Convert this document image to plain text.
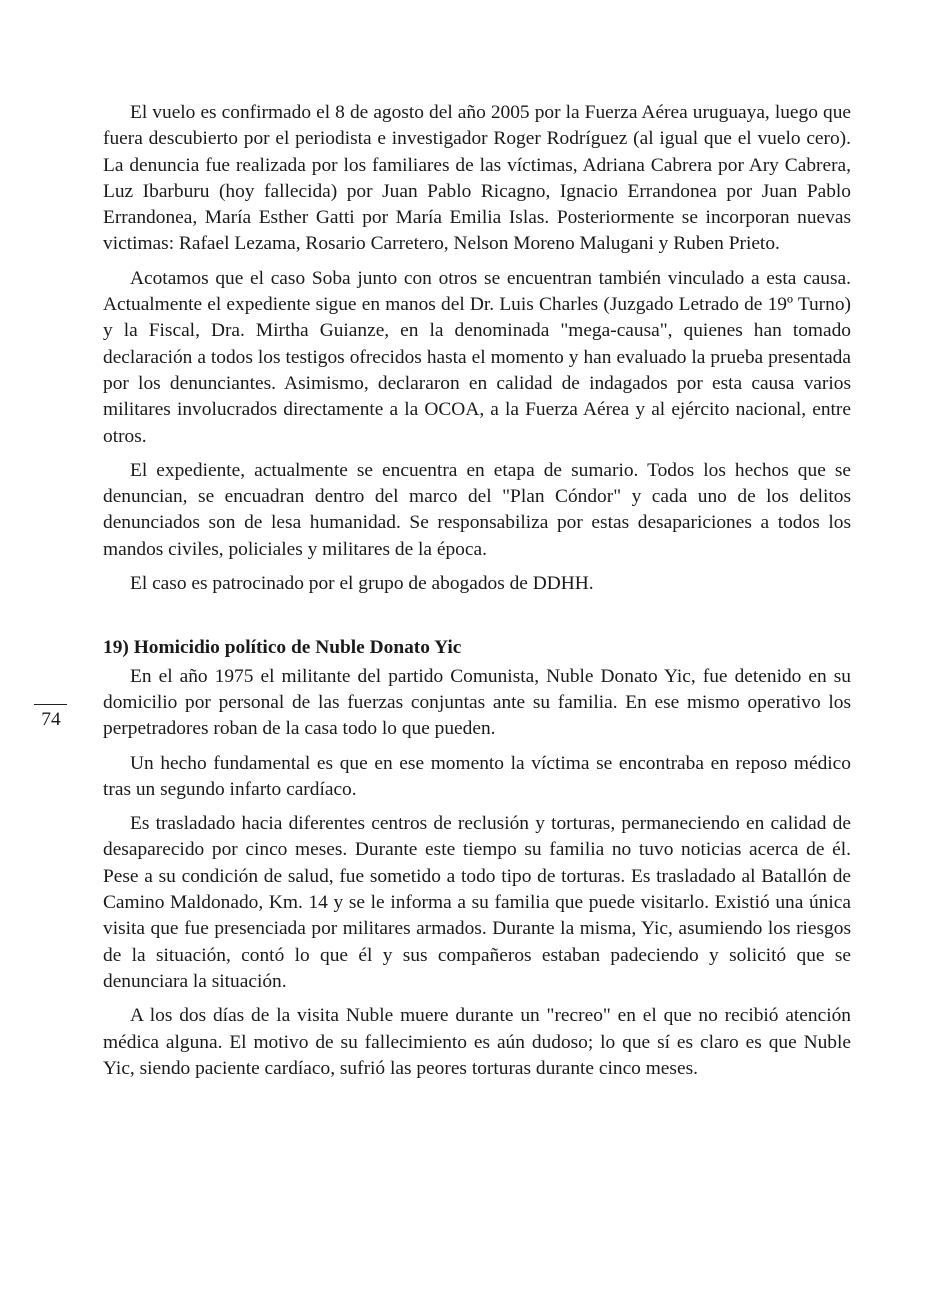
El vuelo es confirmado el 8 de agosto del año 2005 por la Fuerza Aérea uruguaya, luego que fuera descubierto por el periodista e investigador Roger Rodríguez (al igual que el vuelo cero). La denuncia fue realizada por los familiares de las víctimas, Adriana Cabrera por Ary Cabrera, Luz Ibarburu (hoy fallecida) por Juan Pablo Ricagno, Ignacio Errandonea por Juan Pablo Errandonea, María Esther Gatti por María Emilia Islas. Posteriormente se incorporan nuevas victimas: Rafael Lezama, Rosario Carretero, Nelson Moreno Malugani y Ruben Prieto.

Acotamos que el caso Soba junto con otros se encuentran también vinculado a esta causa. Actualmente el expediente sigue en manos del Dr. Luis Charles (Juzgado Letrado de 19º Turno) y la Fiscal, Dra. Mirtha Guianze, en la denominada "mega-causa", quienes han tomado declaración a todos los testigos ofrecidos hasta el momento y han evaluado la prueba presentada por los denunciantes. Asimismo, declararon en calidad de indagados por esta causa varios militares involucrados directamente a la OCOA, a la Fuerza Aérea y al ejército nacional, entre otros.

El expediente, actualmente se encuentra en etapa de sumario. Todos los hechos que se denuncian, se encuadran dentro del marco del "Plan Cóndor" y cada uno de los delitos denunciados son de lesa humanidad. Se responsabiliza por estas desapariciones a todos los mandos civiles, policiales y militares de la época.

El caso es patrocinado por el grupo de abogados de DDHH.

19) Homicidio político de Nuble Donato Yic

En el año 1975 el militante del partido Comunista, Nuble Donato Yic, fue detenido en su domicilio por personal de las fuerzas conjuntas ante su familia. En ese mismo operativo los perpetradores roban de la casa todo lo que pueden.

Un hecho fundamental es que en ese momento la víctima se encontraba en reposo médico tras un segundo infarto cardíaco.

Es trasladado hacia diferentes centros de reclusión y torturas, permaneciendo en calidad de desaparecido por cinco meses. Durante este tiempo su familia no tuvo noticias acerca de él. Pese a su condición de salud, fue sometido a todo tipo de torturas. Es trasladado al Batallón de Camino Maldonado, Km. 14 y se le informa a su familia que puede visitarlo. Existió una única visita que fue presenciada por militares armados. Durante la misma, Yic, asumiendo los riesgos de la situación, contó lo que él y sus compañeros estaban padeciendo y solicitó que se denunciara la situación.

A los dos días de la visita Nuble muere durante un "recreo" en el que no recibió atención médica alguna. El motivo de su fallecimiento es aún dudoso; lo que sí es claro es que Nuble Yic, siendo paciente cardíaco, sufrió las peores torturas durante cinco meses.

74
